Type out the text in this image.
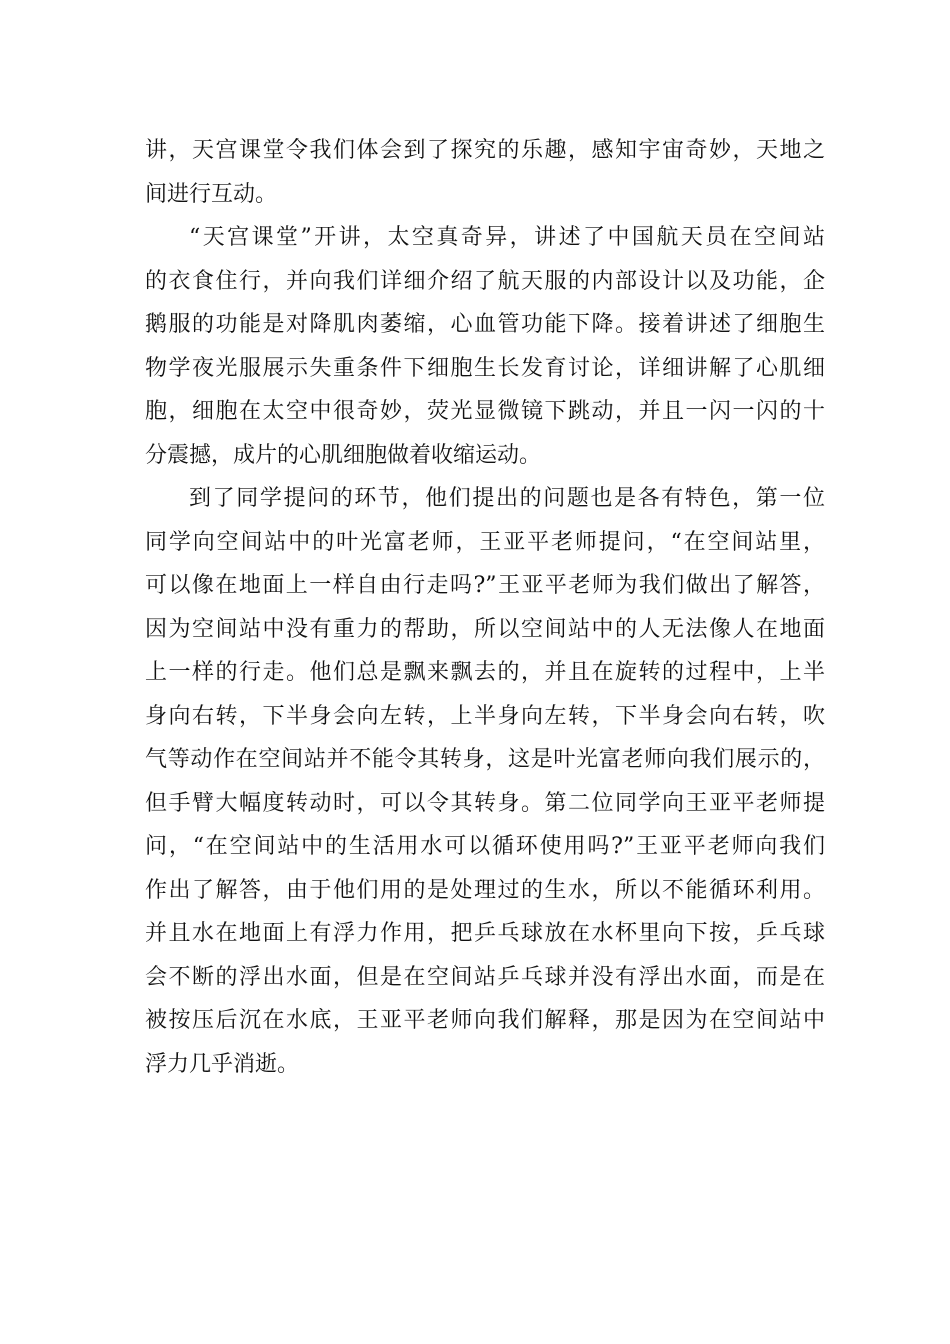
讲，天宫课堂令我们体会到了探究的乐趣，感知宇宙奇妙，天地之
间进行互动。
“天宫课堂”开讲，太空真奇异，讲述了中国航天员在空间站
的衣食住行，并向我们详细介绍了航天服的内部设计以及功能，企
鹅服的功能是对降肌肉萎缩，心血管功能下降。接着讲述了细胞生
物学夜光服展示失重条件下细胞生长发育讨论，详细讲解了心肌细
胞，细胞在太空中很奇妙，荧光显微镜下跳动，并且一闪一闪的十
分震撼，成片的心肌细胞做着收缩运动。
到了同学提问的环节，他们提出的问题也是各有特色，第一位
同学向空间站中的叶光富老师，王亚平老师提问，“在空间站里，
可以像在地面上一样自由行走吗?”王亚平老师为我们做出了解答，
因为空间站中没有重力的帮助，所以空间站中的人无法像人在地面
上一样的行走。他们总是飘来飘去的，并且在旋转的过程中，上半
身向右转，下半身会向左转，上半身向左转，下半身会向右转，吹
气等动作在空间站并不能令其转身，这是叶光富老师向我们展示的，
但手臂大幅度转动时，可以令其转身。第二位同学向王亚平老师提
问，“在空间站中的生活用水可以循环使用吗?”王亚平老师向我们
作出了解答，由于他们用的是处理过的生水，所以不能循环利用。
并且水在地面上有浮力作用，把乒乓球放在水杯里向下按，乒乓球
会不断的浮出水面，但是在空间站乒乓球并没有浮出水面，而是在
被按压后沉在水底，王亚平老师向我们解释，那是因为在空间站中
浮力几乎消逝。
